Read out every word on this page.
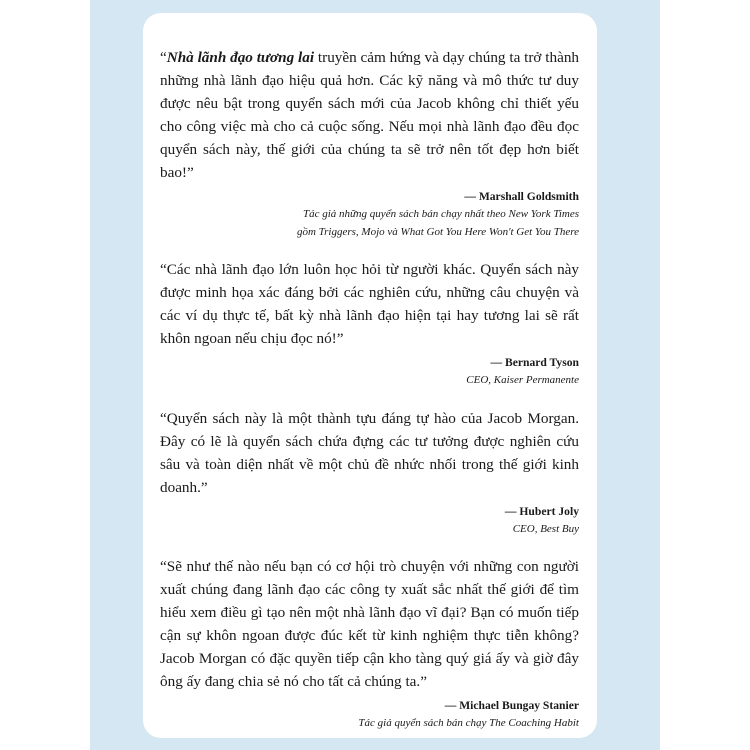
“Nhà lãnh đạo tương lai truyền cảm hứng và dạy chúng ta trở thành những nhà lãnh đạo hiệu quả hơn. Các kỹ năng và mô thức tư duy được nêu bật trong quyển sách mới của Jacob không chỉ thiết yếu cho công việc mà cho cả cuộc sống. Nếu mọi nhà lãnh đạo đều đọc quyển sách này, thế giới của chúng ta sẽ trở nên tốt đẹp hơn biết bao!”

— Marshall Goldsmith
Tác giả những quyển sách bán chạy nhất theo New York Times
gồm Triggers, Mojo và What Got You Here Won't Get You There

“Các nhà lãnh đạo lớn luôn học hỏi từ người khác. Quyển sách này được minh họa xác đáng bởi các nghiên cứu, những câu chuyện và các ví dụ thực tế, bất kỳ nhà lãnh đạo hiện tại hay tương lai sẽ rất khôn ngoan nếu chịu đọc nó!”

— Bernard Tyson
CEO, Kaiser Permanente

“Quyển sách này là một thành tựu đáng tự hào của Jacob Morgan. Đây có lẽ là quyển sách chứa đựng các tư tưởng được nghiên cứu sâu và toàn diện nhất về một chủ đề nhức nhối trong thế giới kinh doanh.”

— Hubert Joly
CEO, Best Buy

“Sẽ như thế nào nếu bạn có cơ hội trò chuyện với những con người xuất chúng đang lãnh đạo các công ty xuất sắc nhất thế giới để tìm hiểu xem điều gì tạo nên một nhà lãnh đạo vĩ đại? Bạn có muốn tiếp cận sự khôn ngoan được đúc kết từ kinh nghiệm thực tiễn không? Jacob Morgan có đặc quyền tiếp cận kho tàng quý giá ấy và giờ đây ông ấy đang chia sẻ nó cho tất cả chúng ta.”

— Michael Bungay Stanier
Tác giả quyển sách bán chạy The Coaching Habit
